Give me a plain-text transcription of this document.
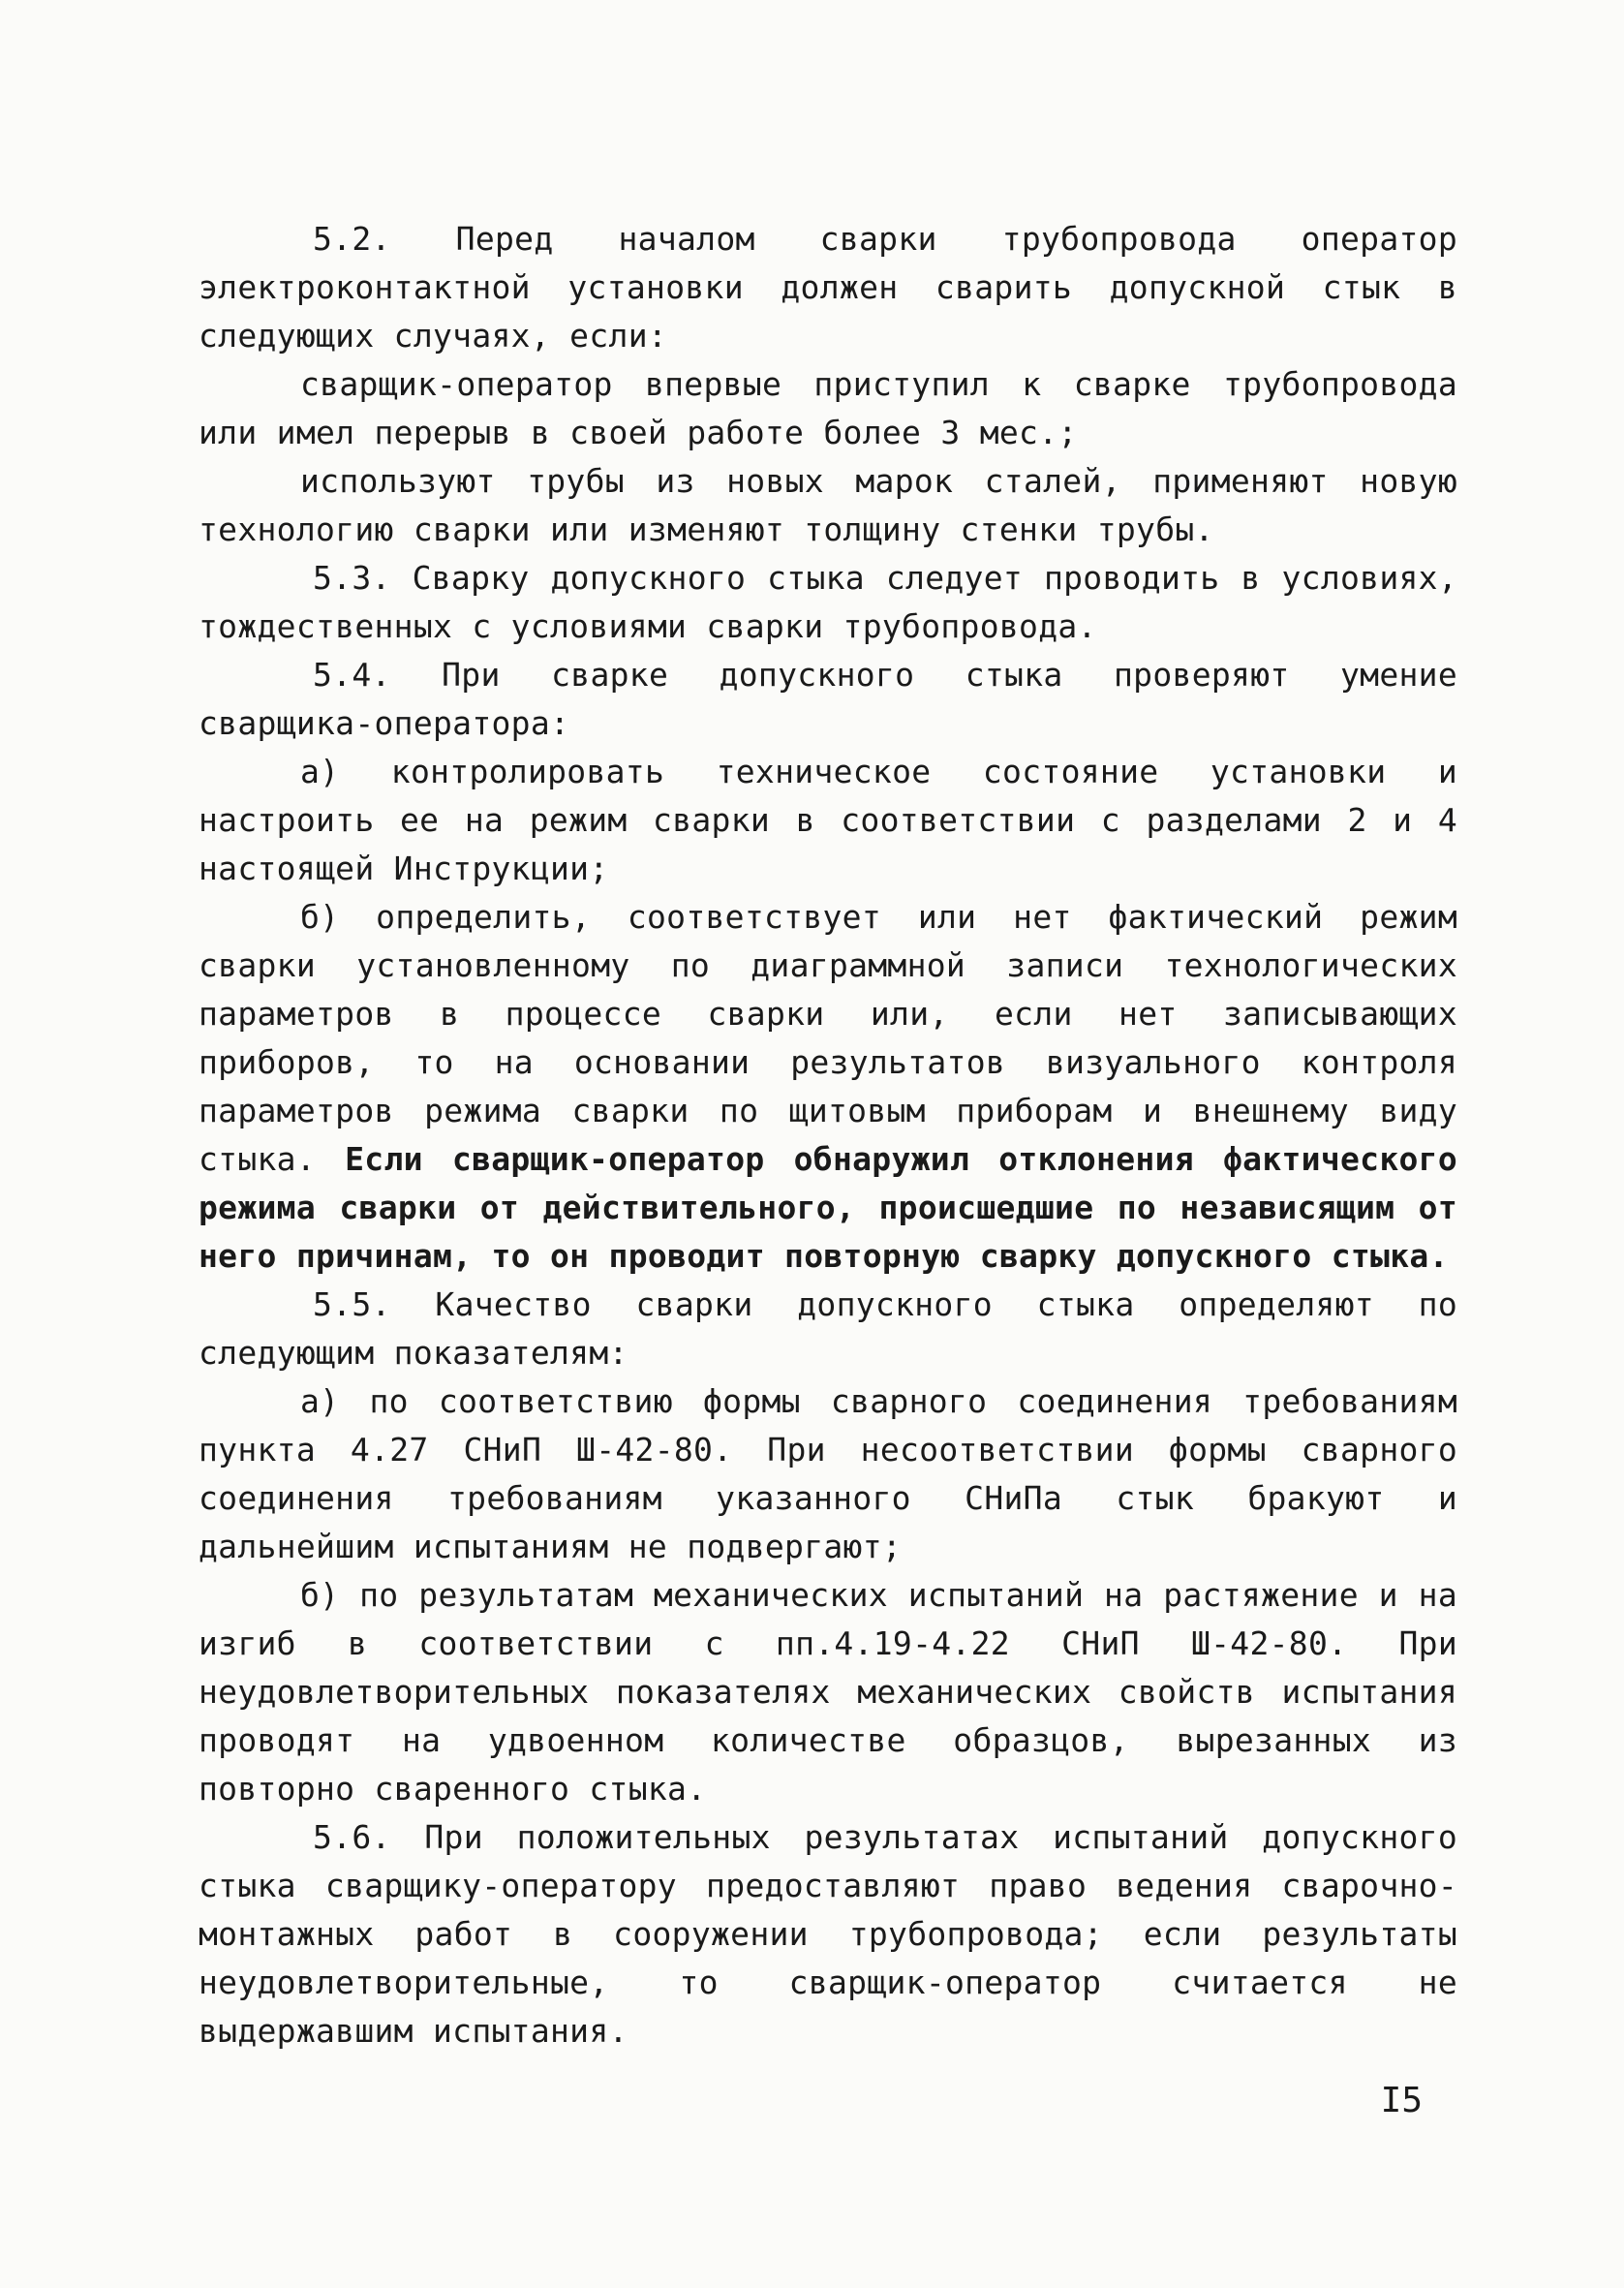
5.2. Перед началом сварки трубопровода оператор электроконтактной установки должен сварить допускной стык в следующих случаях, если:

сварщик-оператор впервые приступил к сварке трубопровода или имел перерыв в своей работе более 3 мес.;

используют трубы из новых марок сталей, применяют новую технологию сварки или изменяют толщину стенки трубы.

5.3. Сварку допускного стыка следует проводить в условиях, тождественных с условиями сварки трубопровода.

5.4. При сварке допускного стыка проверяют умение сварщика-оператора:

а) контролировать техническое состояние установки и настроить ее на режим сварки в соответствии с разделами 2 и 4 настоящей Инструкции;

б) определить, соответствует или нет фактический режим сварки установленному по диаграммной записи технологических параметров в процессе сварки или, если нет записывающих приборов, то на основании результатов визуального контроля параметров режима сварки по щитовым приборам и внешнему виду стыка. Если сварщик-оператор обнаружил отклонения фактического режима сварки от действительного, происшедшие по независящим от него причинам, то он проводит повторную сварку допускного стыка.

5.5. Качество сварки допускного стыка определяют по следующим показателям:

а) по соответствию формы сварного соединения требованиям пункта 4.27 СНиП Ш-42-80. При несоответствии формы сварного соединения требованиям указанного СНиПа стык бракуют и дальнейшим испытаниям не подвергают;

б) по результатам механических испытаний на растяжение и на изгиб в соответствии с пп.4.19-4.22 СНиП Ш-42-80. При неудовлетворительных показателях механических свойств испытания проводят на удвоенном количестве образцов, вырезанных из повторно сваренного стыка.

5.6. При положительных результатах испытаний допускного стыка сварщику-оператору предоставляют право ведения сварочно-монтажных работ в сооружении трубопровода; если результаты неудовлетворительные, то сварщик-оператор считается не выдержавшим испытания.

I5
